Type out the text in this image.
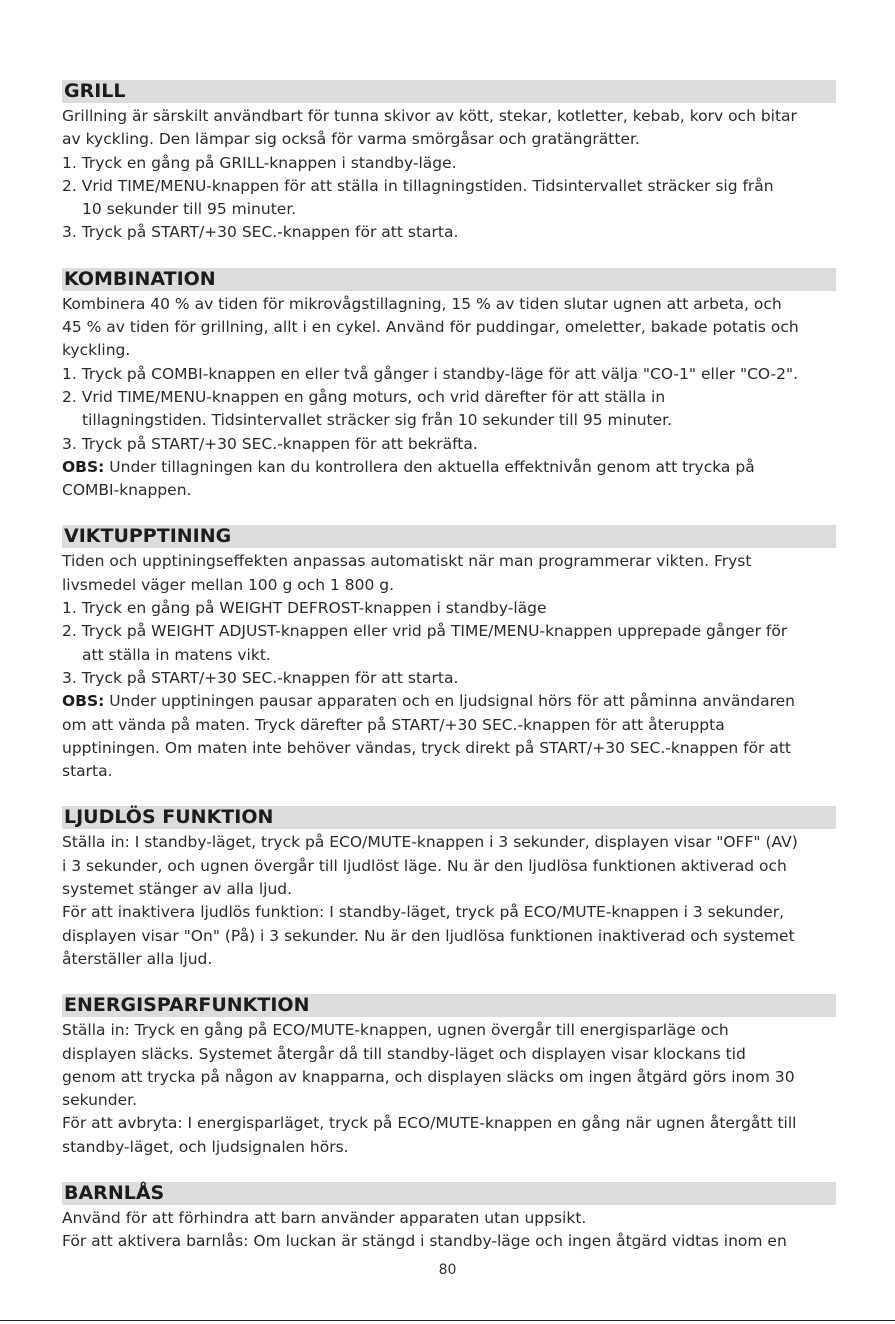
GRILL
Grillning är särskilt användbart för tunna skivor av kött, stekar, kotletter, kebab, korv och bitar
av kyckling. Den lämpar sig också för varma smörgåsar och gratängrätter.
1. Tryck en gång på GRILL-knappen i standby-läge.
2. Vrid TIME/MENU-knappen för att ställa in tillagningstiden. Tidsintervallet sträcker sig från
10 sekunder till 95 minuter.
3. Tryck på START/+30 SEC.-knappen för att starta.
KOMBINATION
Kombinera 40 % av tiden för mikrovågstillagning, 15 % av tiden slutar ugnen att arbeta, och
45 % av tiden för grillning, allt i en cykel. Använd för puddingar, omeletter, bakade potatis och
kyckling.
1. Tryck på COMBI-knappen en eller två gånger i standby-läge för att välja "CO-1" eller "CO-2".
2. Vrid TIME/MENU-knappen en gång moturs, och vrid därefter för att ställa in
tillagningstiden. Tidsintervallet sträcker sig från 10 sekunder till 95 minuter.
3. Tryck på START/+30 SEC.-knappen för att bekräfta.
OBS: Under tillagningen kan du kontrollera den aktuella effektnivån genom att trycka på
COMBI-knappen.
VIKTUPPTINING
Tiden och upptiningseffekten anpassas automatiskt när man programmerar vikten. Fryst
livsmedel väger mellan 100 g och 1 800 g.
1. Tryck en gång på WEIGHT DEFROST-knappen i standby-läge
2. Tryck på WEIGHT ADJUST-knappen eller vrid på TIME/MENU-knappen upprepade gånger för
att ställa in matens vikt.
3. Tryck på START/+30 SEC.-knappen för att starta.
OBS: Under upptiningen pausar apparaten och en ljudsignal hörs för att påminna användaren
om att vända på maten. Tryck därefter på START/+30 SEC.-knappen för att återuppta
upptiningen. Om maten inte behöver vändas, tryck direkt på START/+30 SEC.-knappen för att
starta.
LJUDLÖS FUNKTION
Ställa in: I standby-läget, tryck på ECO/MUTE-knappen i 3 sekunder, displayen visar "OFF" (AV)
i 3 sekunder, och ugnen övergår till ljudlöst läge. Nu är den ljudlösa funktionen aktiverad och
systemet stänger av alla ljud.
För att inaktivera ljudlös funktion: I standby-läget, tryck på ECO/MUTE-knappen i 3 sekunder,
displayen visar "On" (På) i 3 sekunder. Nu är den ljudlösa funktionen inaktiverad och systemet
återställer alla ljud.
ENERGISPARFUNKTION
Ställa in: Tryck en gång på ECO/MUTE-knappen, ugnen övergår till energisparläge och
displayen släcks. Systemet återgår då till standby-läget och displayen visar klockans tid
genom att trycka på någon av knapparna, och displayen släcks om ingen åtgärd görs inom 30
sekunder.
För att avbryta: I energisparläget, tryck på ECO/MUTE-knappen en gång när ugnen återgått till
standby-läget, och ljudsignalen hörs.
BARNLÅS
Använd för att förhindra att barn använder apparaten utan uppsikt.
För att aktivera barnlås: Om luckan är stängd i standby-läge och ingen åtgärd vidtas inom en
80
